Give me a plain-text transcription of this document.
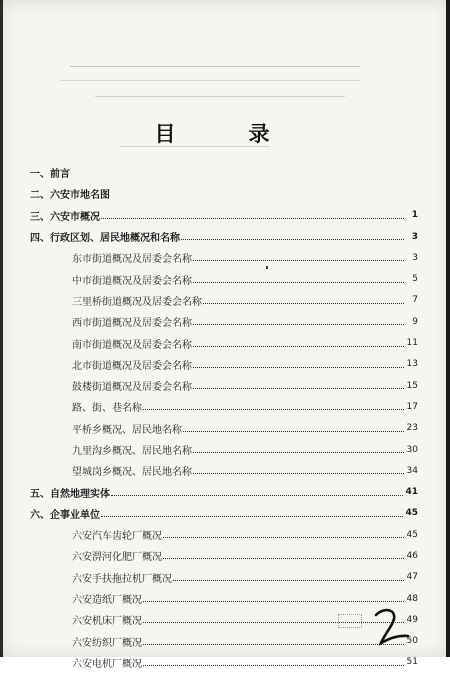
目　录
一、前言
二、六安市地名图
三、六安市概况	1
四、行政区划、居民地概况和名称	3
东市街道概况及居委会名称	3
中市街道概况及居委会名称	5
三里桥街道概况及居委会名称	7
西市街道概况及居委会名称	9
南市街道概况及居委会名称	11
北市街道概况及居委会名称	13
鼓楼街道概况及居委会名称	15
路、街、巷名称	17
平桥乡概况、居民地名称	23
九里沟乡概况、居民地名称	30
望城岗乡概况、居民地名称	34
五、自然地理实体	41
六、企事业单位	45
六安汽车齿轮厂概况	45
六安淠河化肥厂概况	46
六安手扶拖拉机厂概况	47
六安造纸厂概况	48
六安机床厂概况	49
六安纺织厂概况	50
六安电机厂概况	51
